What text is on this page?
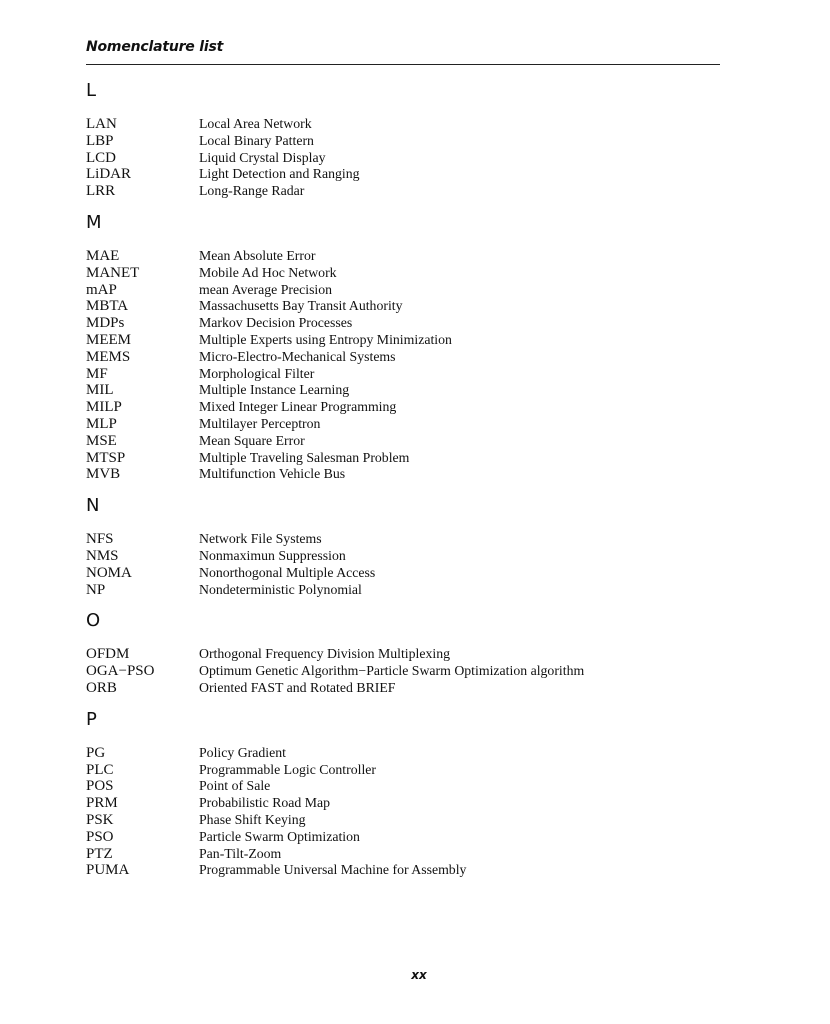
Nomenclature list
L
LAN	Local Area Network
LBP	Local Binary Pattern
LCD	Liquid Crystal Display
LiDAR	Light Detection and Ranging
LRR	Long-Range Radar
M
MAE	Mean Absolute Error
MANET	Mobile Ad Hoc Network
mAP	mean Average Precision
MBTA	Massachusetts Bay Transit Authority
MDPs	Markov Decision Processes
MEEM	Multiple Experts using Entropy Minimization
MEMS	Micro-Electro-Mechanical Systems
MF	Morphological Filter
MIL	Multiple Instance Learning
MILP	Mixed Integer Linear Programming
MLP	Multilayer Perceptron
MSE	Mean Square Error
MTSP	Multiple Traveling Salesman Problem
MVB	Multifunction Vehicle Bus
N
NFS	Network File Systems
NMS	Nonmaximun Suppression
NOMA	Nonorthogonal Multiple Access
NP	Nondeterministic Polynomial
O
OFDM	Orthogonal Frequency Division Multiplexing
OGA−PSO	Optimum Genetic Algorithm−Particle Swarm Optimization algorithm
ORB	Oriented FAST and Rotated BRIEF
P
PG	Policy Gradient
PLC	Programmable Logic Controller
POS	Point of Sale
PRM	Probabilistic Road Map
PSK	Phase Shift Keying
PSO	Particle Swarm Optimization
PTZ	Pan-Tilt-Zoom
PUMA	Programmable Universal Machine for Assembly
xx
